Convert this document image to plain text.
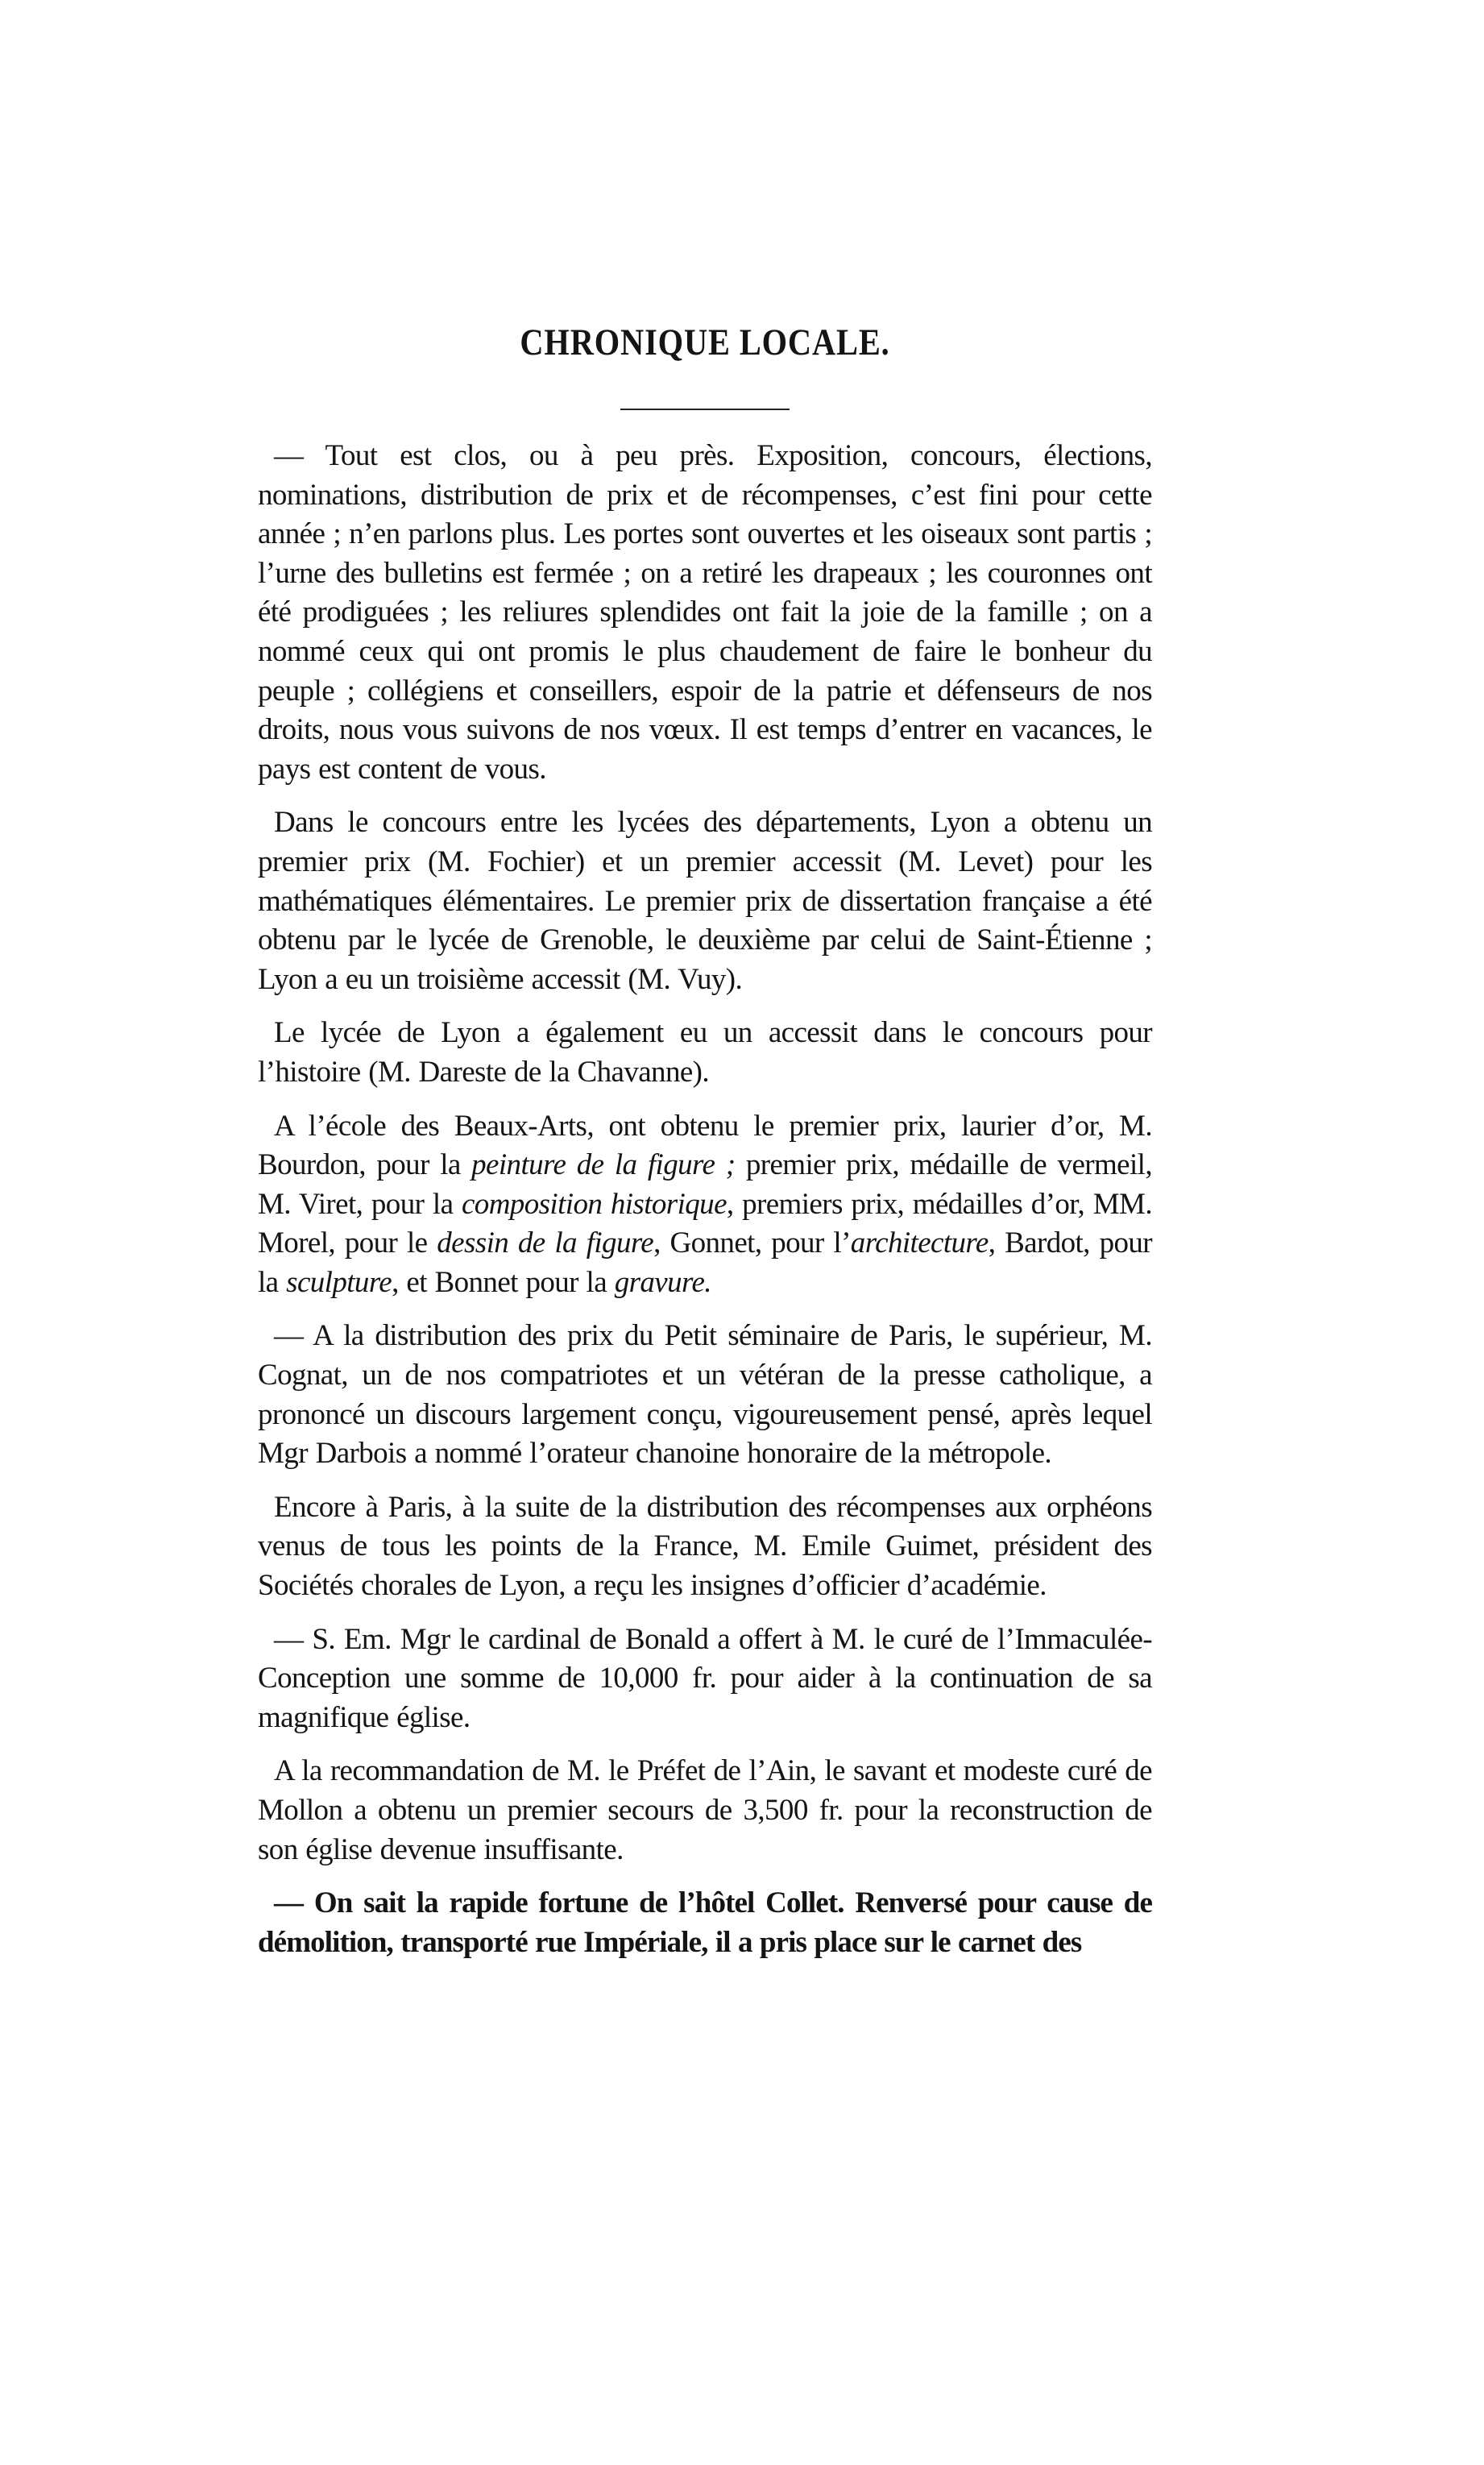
CHRONIQUE LOCALE.

— Tout est clos, ou à peu près. Exposition, concours, élections, nominations, distribution de prix et de récompenses, c’est fini pour cette année ; n’en parlons plus. Les portes sont ouvertes et les oiseaux sont partis ; l’urne des bulletins est fermée ; on a retiré les drapeaux ; les couronnes ont été prodiguées ; les reliures splendides ont fait la joie de la famille ; on a nommé ceux qui ont promis le plus chaudement de faire le bonheur du peuple ; collégiens et conseillers, espoir de la patrie et défenseurs de nos droits, nous vous suivons de nos vœux. Il est temps d’entrer en vacances, le pays est content de vous.

Dans le concours entre les lycées des départements, Lyon a obtenu un premier prix (M. Fochier) et un premier accessit (M. Levet) pour les mathématiques élémentaires. Le premier prix de dissertation française a été obtenu par le lycée de Grenoble, le deuxième par celui de Saint-Étienne ; Lyon a eu un troisième accessit (M. Vuy).

Le lycée de Lyon a également eu un accessit dans le concours pour l’histoire (M. Dareste de la Chavanne).

A l’école des Beaux-Arts, ont obtenu le premier prix, laurier d’or, M. Bourdon, pour la peinture de la figure ; premier prix, médaille de vermeil, M. Viret, pour la composition historique, premiers prix, médailles d’or, MM. Morel, pour le dessin de la figure, Gonnet, pour l’architecture, Bardot, pour la sculpture, et Bonnet pour la gravure.

— A la distribution des prix du Petit séminaire de Paris, le supérieur, M. Cognat, un de nos compatriotes et un vétéran de la presse catholique, a prononcé un discours largement conçu, vigoureusement pensé, après lequel Mgr Darbois a nommé l’orateur chanoine honoraire de la métropole.

Encore à Paris, à la suite de la distribution des récompenses aux orphéons venus de tous les points de la France, M. Emile Guimet, président des Sociétés chorales de Lyon, a reçu les insignes d’officier d’académie.

— S. Em. Mgr le cardinal de Bonald a offert à M. le curé de l’Immaculée-Conception une somme de 10,000 fr. pour aider à la continuation de sa magnifique église.

A la recommandation de M. le Préfet de l’Ain, le savant et modeste curé de Mollon a obtenu un premier secours de 3,500 fr. pour la reconstruction de son église devenue insuffisante.

— On sait la rapide fortune de l’hôtel Collet. Renversé pour cause de démolition, transporté rue Impériale, il a pris place sur le carnet des
